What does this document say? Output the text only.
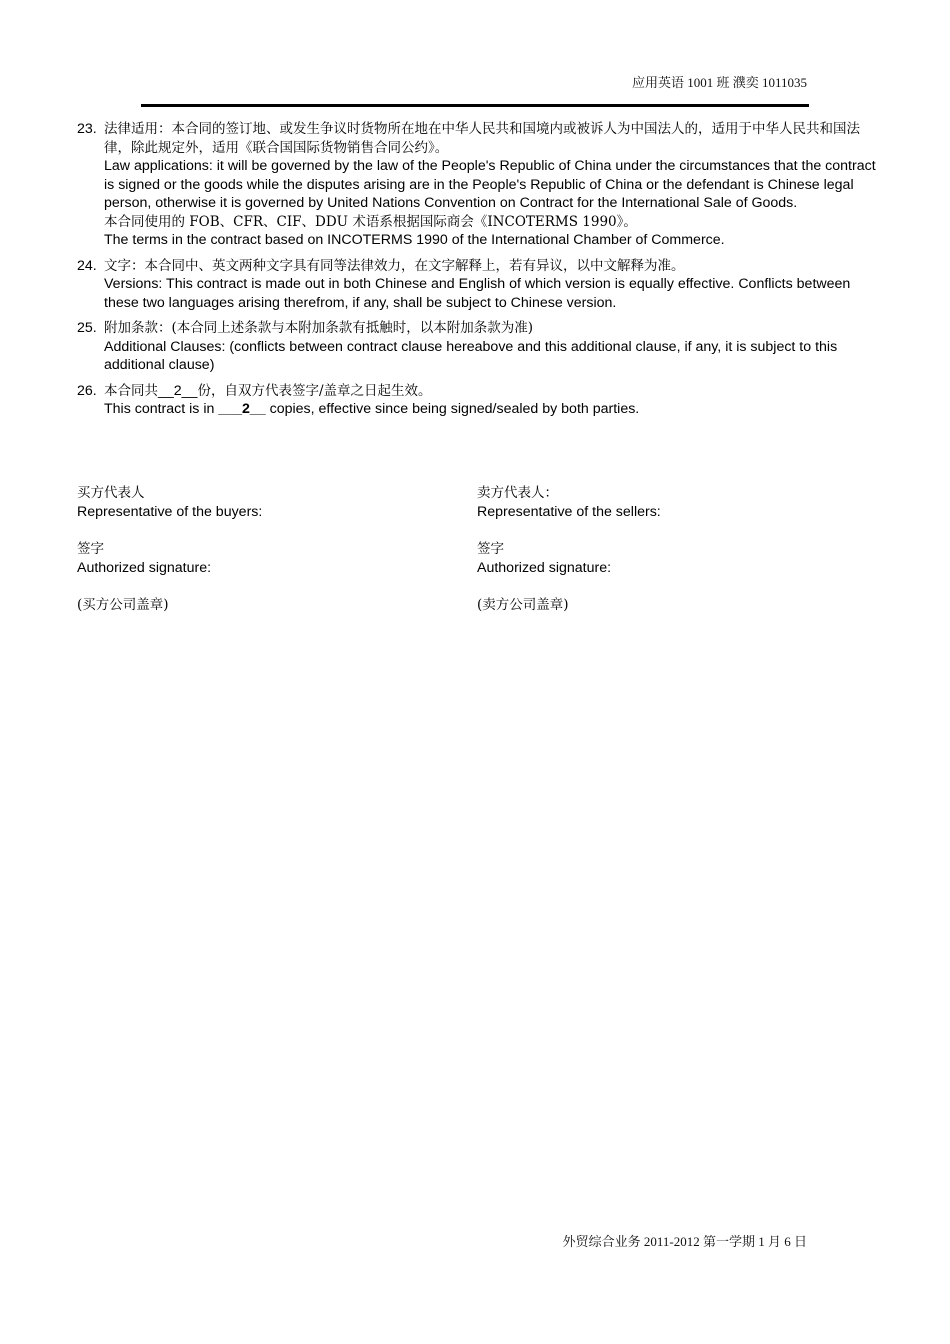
应用英语 1001 班 濮奕 1011035
23. 法律适用：本合同的签订地、或发生争议时货物所在地在中华人民共和国境内或被诉人为中国法人的，适用于中华人民共和国法律，除此规定外，适用《联合国国际货物销售合同公约》。
Law applications: it will be governed by the law of the People's Republic of China under the circumstances that the contract is signed or the goods while the disputes arising are in the People's Republic of China or the defendant is Chinese legal person, otherwise it is governed by United Nations Convention on Contract for the International Sale of Goods.
本合同使用的 FOB、CFR、CIF、DDU 术语系根据国际商会《INCOTERMS 1990》。
The terms in the contract based on INCOTERMS 1990 of the International Chamber of Commerce.
24. 文字：本合同中、英文两种文字具有同等法律效力，在文字解释上，若有异议，以中文解释为准。
Versions: This contract is made out in both Chinese and English of which version is equally effective. Conflicts between these two languages arising therefrom, if any, shall be subject to Chinese version.
25. 附加条款：(本合同上述条款与本附加条款有抵触时，以本附加条款为准)
Additional Clauses: (conflicts between contract clause hereabove and this additional clause, if any, it is subject to this additional clause)
26. 本合同共__2__份，自双方代表签字/盖章之日起生效。
This contract is in ___2__ copies, effective since being signed/sealed by both parties.
买方代表人
Representative of the buyers:
卖方代表人：
Representative of the sellers:
签字
Authorized signature:
签字
Authorized signature:
(买方公司盖章)	(卖方公司盖章)
外贸综合业务 2011-2012 第一学期 1 月 6 日
